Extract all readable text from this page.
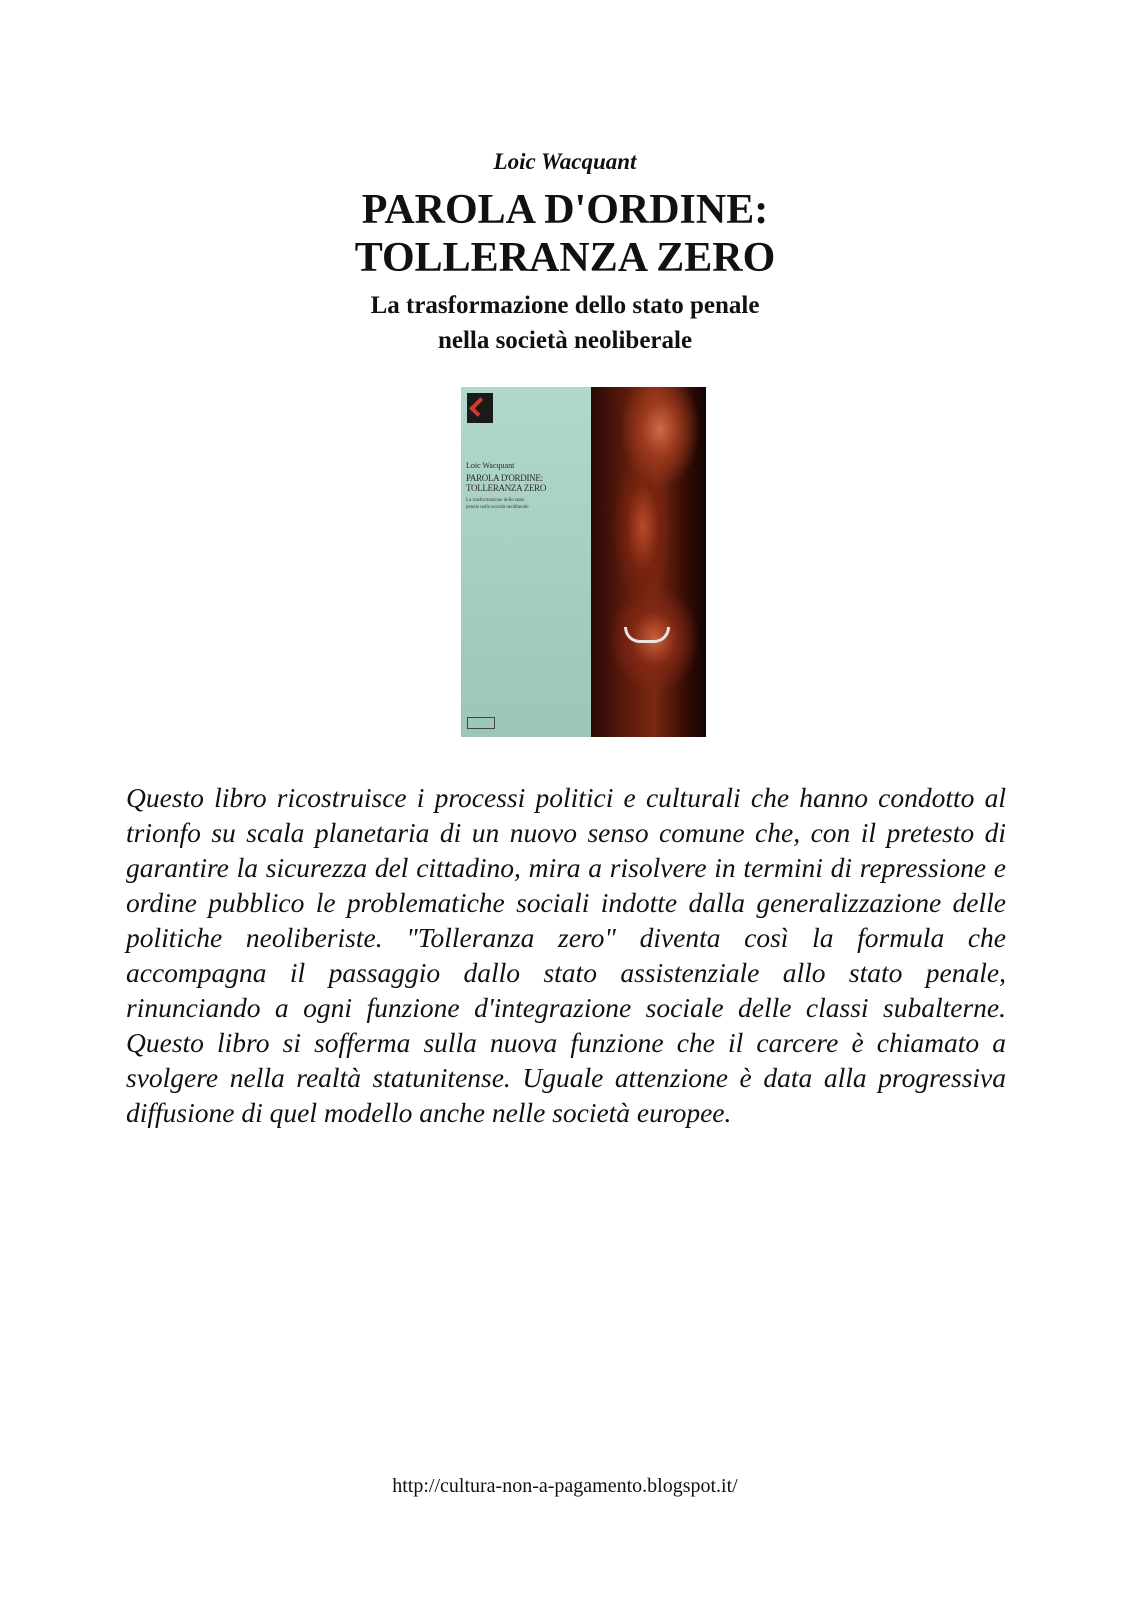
Loic Wacquant
PAROLA D'ORDINE:
TOLLERANZA ZERO
La trasformazione dello stato penale
nella società neoliberale
Loic Wacquant
PAROLA D'ORDINE:
TOLLERANZA ZERO
La trasformazione dello stato
penale nella società neoliberale
Questo libro ricostruisce i processi politici e culturali che hanno condotto al trionfo su scala planetaria di un nuovo senso comune che, con il pretesto di garantire la sicurezza del cittadino, mira a risolvere in termini di repressione e ordine pubblico le problematiche sociali indotte dalla generalizzazione delle politiche neoliberiste. "Tolleranza zero" diventa così la formula che accompagna il passaggio dallo stato assistenziale allo stato penale, rinunciando a ogni funzione d'integrazione sociale delle classi subalterne. Questo libro si sofferma sulla nuova funzione che il carcere è chiamato a svolgere nella realtà statunitense. Uguale attenzione è data alla progressiva diffusione di quel modello anche nelle società europee.
http://cultura-non-a-pagamento.blogspot.it/
